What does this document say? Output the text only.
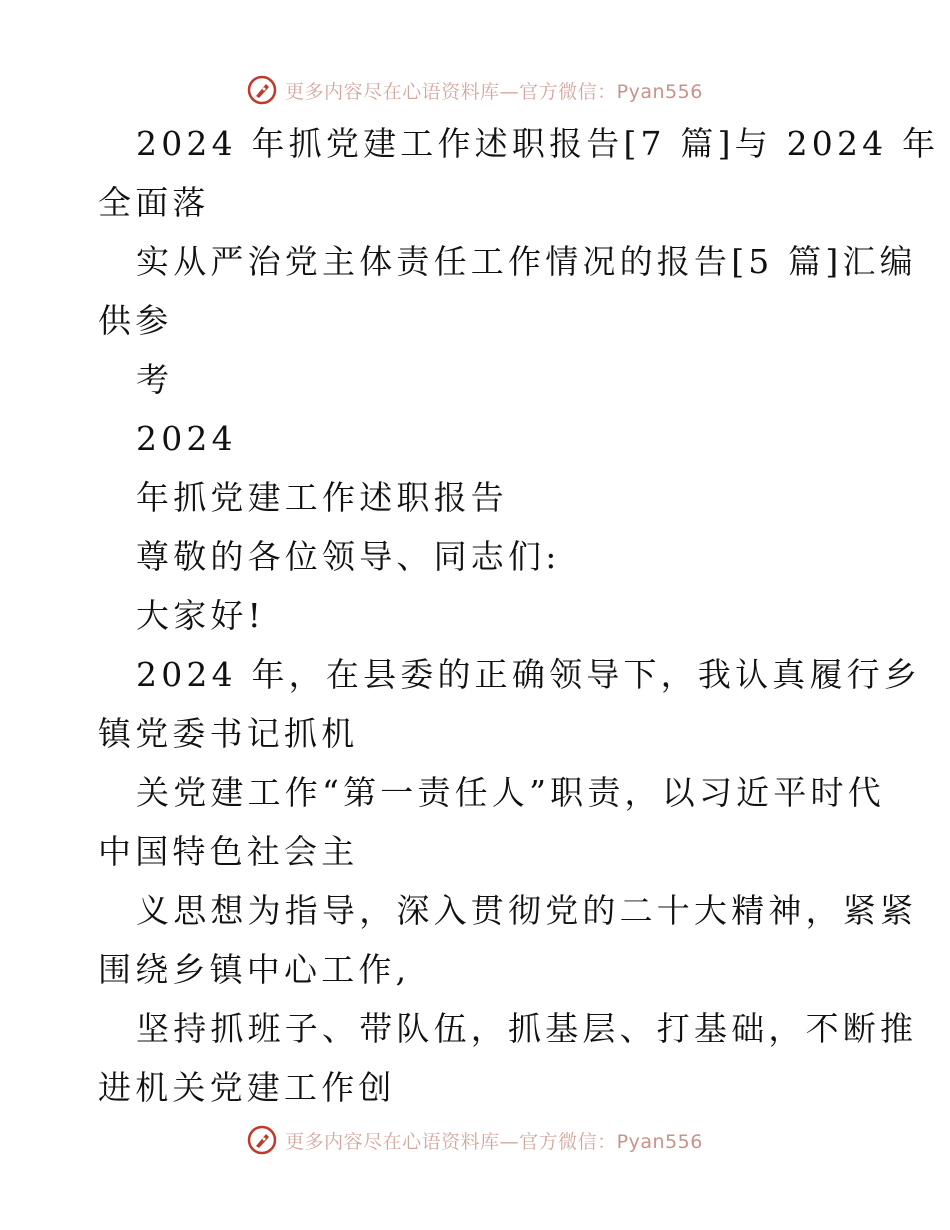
更多内容尽在心语资料库—官方微信：Pyan556
2024 年抓党建工作述职报告[7 篇]与 2024 年
全面落
实从严治党主体责任工作情况的报告[5 篇]汇编
供参
考
2024
年抓党建工作述职报告
尊敬的各位领导、同志们:
大家好!
2024 年，在县委的正确领导下，我认真履行乡
镇党委书记抓机
关党建工作“第一责任人”职责，以习近平时代
中国特色社会主
义思想为指导，深入贯彻党的二十大精神，紧紧
围绕乡镇中心工作,
坚持抓班子、带队伍，抓基层、打基础，不断推
进机关党建工作创
更多内容尽在心语资料库—官方微信：Pyan556
